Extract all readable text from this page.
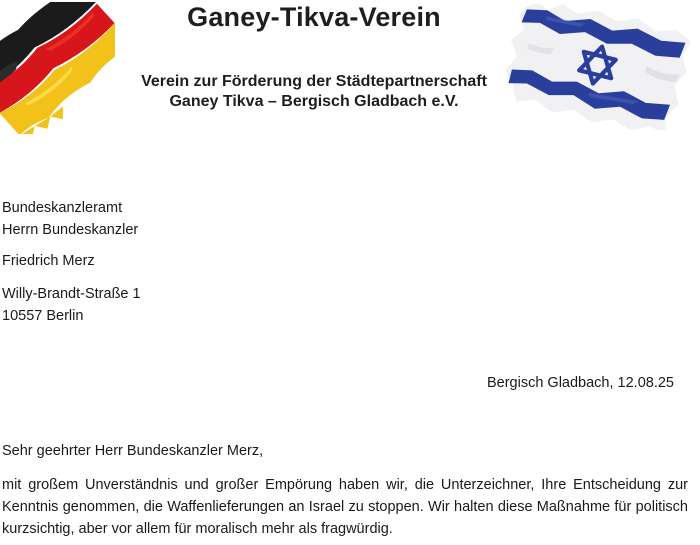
Ganey-Tikva-Verein
Verein zur Förderung der Städtepartnerschaft
Ganey Tikva – Bergisch Gladbach e.V.
Bundeskanzleramt
Herrn Bundeskanzler
Friedrich Merz
Willy-Brandt-Straße 1
10557 Berlin
Bergisch Gladbach, 12.08.25
Sehr geehrter Herr Bundeskanzler Merz,
mit großem Unverständnis und großer Empörung haben wir, die Unterzeichner, Ihre Entscheidung zur Kenntnis genommen, die Waffenlieferungen an Israel zu stoppen. Wir halten diese Maßnahme für politisch kurzsichtig, aber vor allem für moralisch mehr als fragwürdig.
